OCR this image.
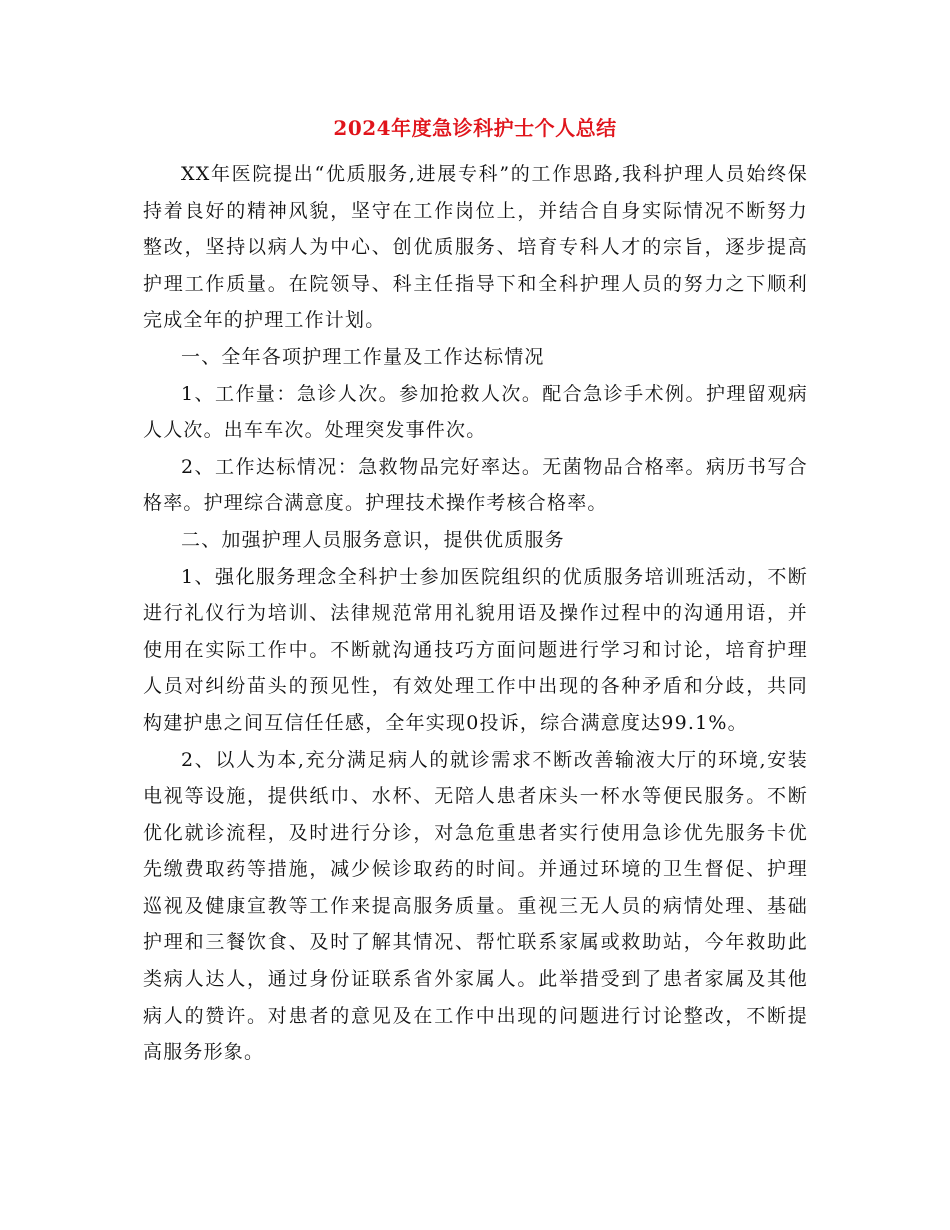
2024年度急诊科护士个人总结

XX年医院提出“优质服务,进展专科”的工作思路,我科护理人员始终保持着良好的精神风貌，坚守在工作岗位上，并结合自身实际情况不断努力整改，坚持以病人为中心、创优质服务、培育专科人才的宗旨，逐步提高护理工作质量。在院领导、科主任指导下和全科护理人员的努力之下顺利完成全年的护理工作计划。

一、全年各项护理工作量及工作达标情况

1、工作量：急诊人次。参加抢救人次。配合急诊手术例。护理留观病人人次。出车车次。处理突发事件次。

2、工作达标情况：急救物品完好率达。无菌物品合格率。病历书写合格率。护理综合满意度。护理技术操作考核合格率。

二、加强护理人员服务意识，提供优质服务

1、强化服务理念全科护士参加医院组织的优质服务培训班活动，不断进行礼仪行为培训、法律规范常用礼貌用语及操作过程中的沟通用语，并使用在实际工作中。不断就沟通技巧方面问题进行学习和讨论，培育护理人员对纠纷苗头的预见性，有效处理工作中出现的各种矛盾和分歧，共同构建护患之间互信任任感，全年实现0投诉，综合满意度达99.1%。

2、以人为本,充分满足病人的就诊需求不断改善输液大厅的环境,安装电视等设施，提供纸巾、水杯、无陪人患者床头一杯水等便民服务。不断优化就诊流程，及时进行分诊，对急危重患者实行使用急诊优先服务卡优先缴费取药等措施，减少候诊取药的时间。并通过环境的卫生督促、护理巡视及健康宣教等工作来提高服务质量。重视三无人员的病情处理、基础护理和三餐饮食、及时了解其情况、帮忙联系家属或救助站，今年救助此类病人达人，通过身份证联系省外家属人。此举措受到了患者家属及其他病人的赞许。对患者的意见及在工作中出现的问题进行讨论整改，不断提高服务形象。
